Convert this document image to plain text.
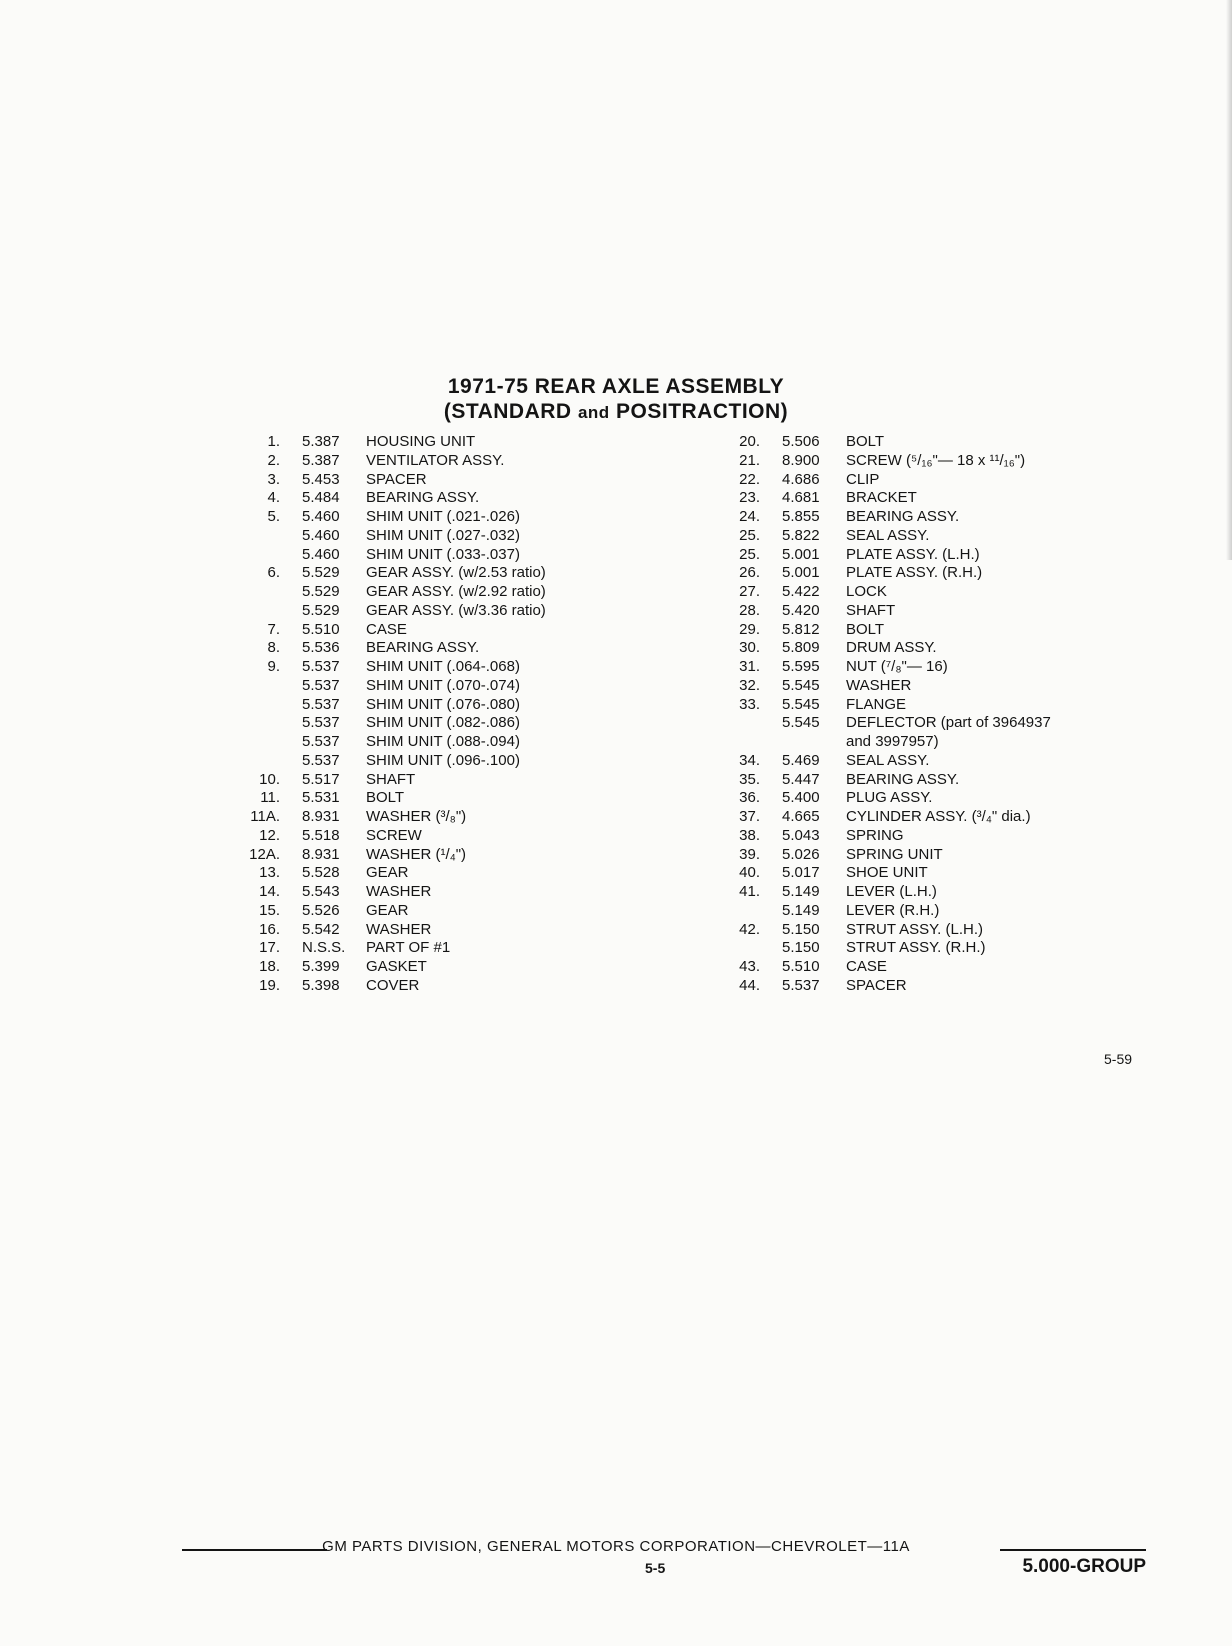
1971-75 REAR AXLE ASSEMBLY
(STANDARD and POSITRACTION)
1.	5.387	HOUSING UNIT
2.	5.387	VENTILATOR ASSY.
3.	5.453	SPACER
4.	5.484	BEARING ASSY.
5.	5.460	SHIM UNIT (.021-.026)
5.460	SHIM UNIT (.027-.032)
5.460	SHIM UNIT (.033-.037)
6.	5.529	GEAR ASSY. (w/2.53 ratio)
5.529	GEAR ASSY. (w/2.92 ratio)
5.529	GEAR ASSY. (w/3.36 ratio)
7.	5.510	CASE
8.	5.536	BEARING ASSY.
9.	5.537	SHIM UNIT (.064-.068)
5.537	SHIM UNIT (.070-.074)
5.537	SHIM UNIT (.076-.080)
5.537	SHIM UNIT (.082-.086)
5.537	SHIM UNIT (.088-.094)
5.537	SHIM UNIT (.096-.100)
10.	5.517	SHAFT
11.	5.531	BOLT
11A.	8.931	WASHER (³/₈")
12.	5.518	SCREW
12A.	8.931	WASHER (¹/₄")
13.	5.528	GEAR
14.	5.543	WASHER
15.	5.526	GEAR
16.	5.542	WASHER
17.	N.S.S.	PART OF #1
18.	5.399	GASKET
19.	5.398	COVER
20.	5.506	BOLT
21.	8.900	SCREW (⁵/₁₆"— 18 x ¹¹/₁₆")
22.	4.686	CLIP
23.	4.681	BRACKET
24.	5.855	BEARING ASSY.
25.	5.822	SEAL ASSY.
25.	5.001	PLATE ASSY. (L.H.)
26.	5.001	PLATE ASSY. (R.H.)
27.	5.422	LOCK
28.	5.420	SHAFT
29.	5.812	BOLT
30.	5.809	DRUM ASSY.
31.	5.595	NUT (⁷/₈"— 16)
32.	5.545	WASHER
33.	5.545	FLANGE
5.545	DEFLECTOR (part of 3964937
and 3997957)
34.	5.469	SEAL ASSY.
35.	5.447	BEARING ASSY.
36.	5.400	PLUG ASSY.
37.	4.665	CYLINDER ASSY. (³/₄" dia.)
38.	5.043	SPRING
39.	5.026	SPRING UNIT
40.	5.017	SHOE UNIT
41.	5.149	LEVER (L.H.)
5.149	LEVER (R.H.)
42.	5.150	STRUT ASSY. (L.H.)
5.150	STRUT ASSY. (R.H.)
43.	5.510	CASE
44.	5.537	SPACER
5-59
GM PARTS DIVISION, GENERAL MOTORS CORPORATION—CHEVROLET—11A
5-5	5.000-GROUP
